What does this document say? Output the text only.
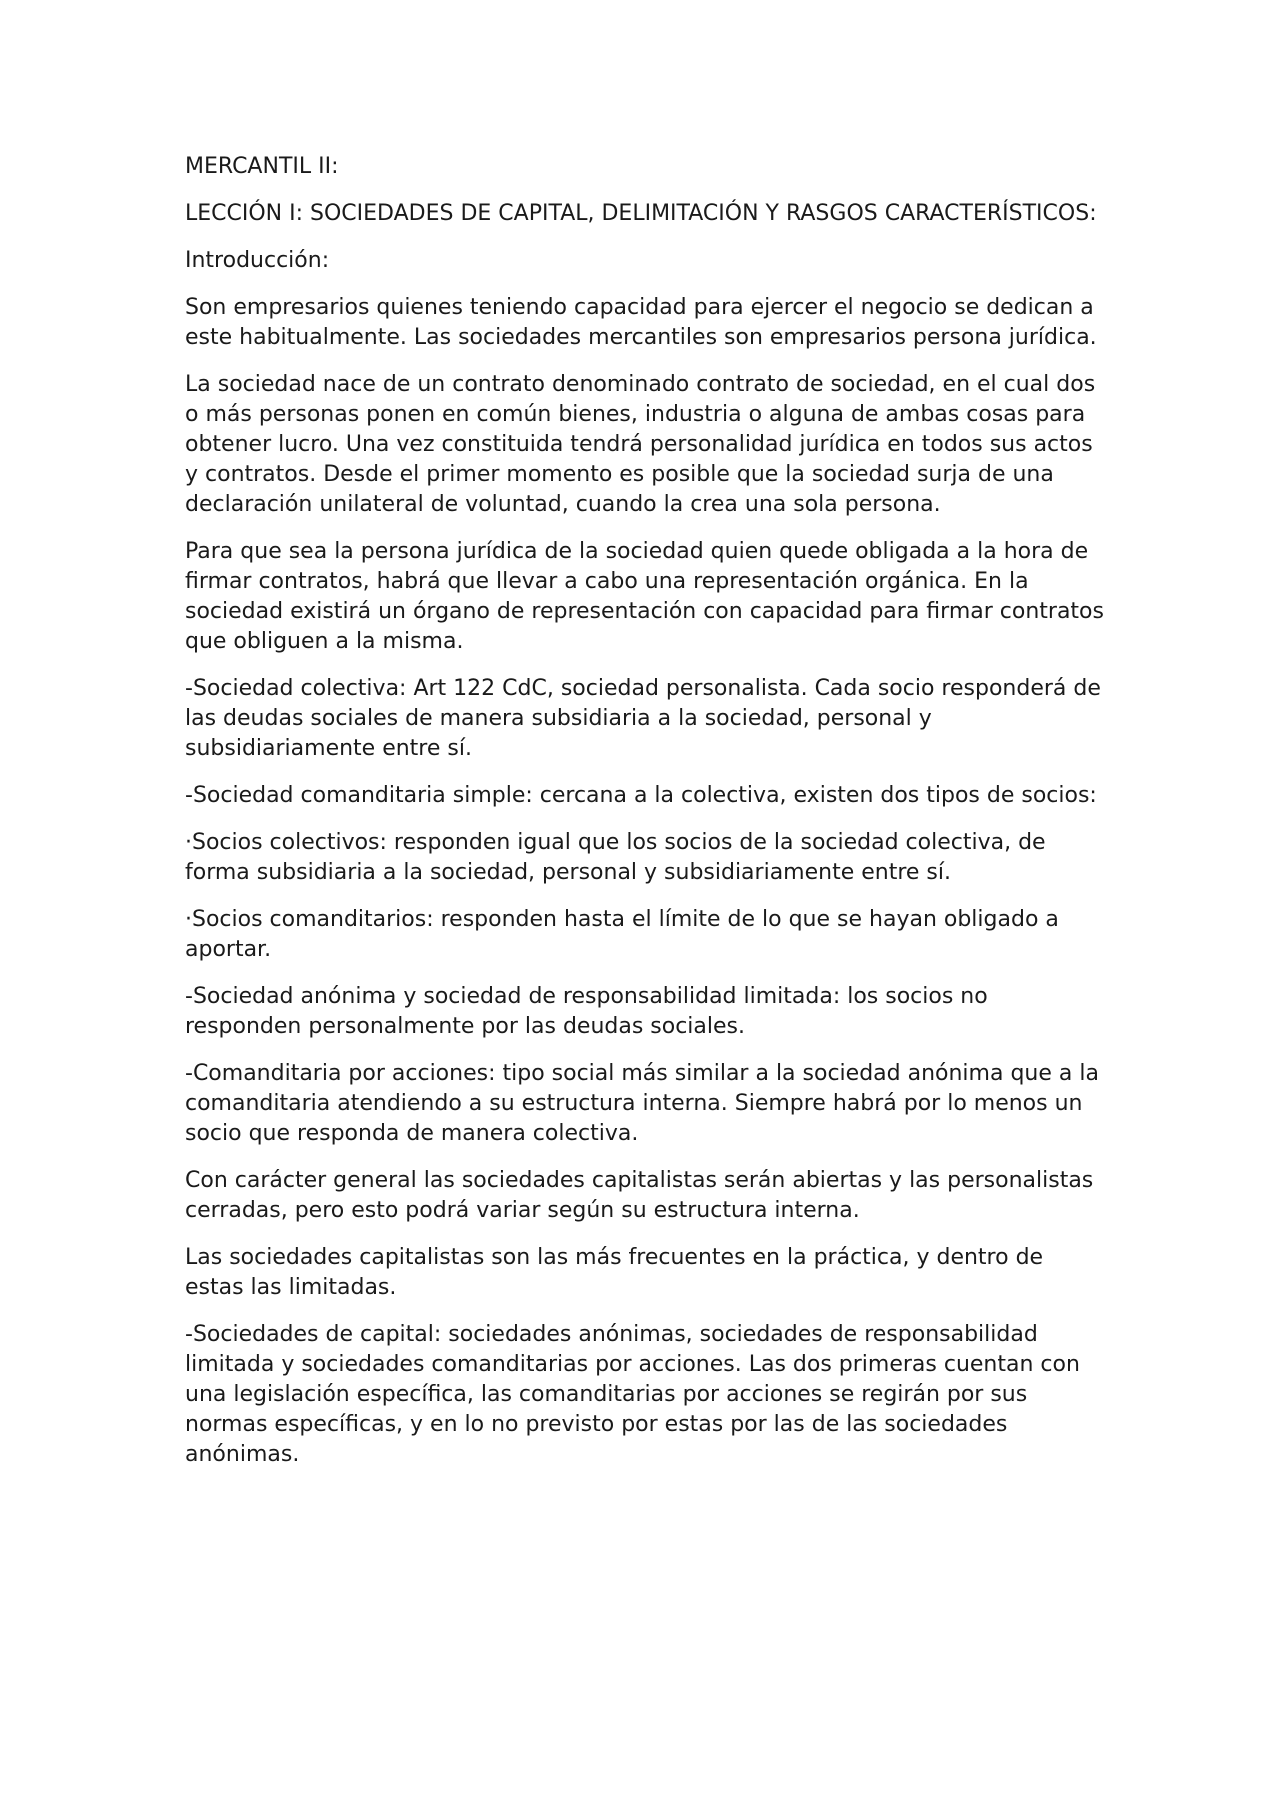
MERCANTIL II:

LECCIÓN I: SOCIEDADES DE CAPITAL, DELIMITACIÓN Y RASGOS CARACTERÍSTICOS:

Introducción:

Son empresarios quienes teniendo capacidad para ejercer el negocio se dedican a este habitualmente. Las sociedades mercantiles son empresarios persona jurídica.

La sociedad nace de un contrato denominado contrato de sociedad, en el cual dos o más personas ponen en común bienes, industria o alguna de ambas cosas para obtener lucro. Una vez constituida tendrá personalidad jurídica en todos sus actos y contratos. Desde el primer momento es posible que la sociedad surja de una declaración unilateral de voluntad, cuando la crea una sola persona.

Para que sea la persona jurídica de la sociedad quien quede obligada a la hora de firmar contratos, habrá que llevar a cabo una representación orgánica. En la sociedad existirá un órgano de representación con capacidad para firmar contratos que obliguen a la misma.

-Sociedad colectiva: Art 122 CdC, sociedad personalista. Cada socio responderá de las deudas sociales de manera subsidiaria a la sociedad, personal y subsidiariamente entre sí.

-Sociedad comanditaria simple: cercana a la colectiva, existen dos tipos de socios:

·Socios colectivos: responden igual que los socios de la sociedad colectiva, de forma subsidiaria a la sociedad, personal y subsidiariamente entre sí.

·Socios comanditarios: responden hasta el límite de lo que se hayan obligado a aportar.

-Sociedad anónima y sociedad de responsabilidad limitada: los socios no responden personalmente por las deudas sociales.

-Comanditaria por acciones: tipo social más similar a la sociedad anónima que a la comanditaria atendiendo a su estructura interna. Siempre habrá por lo menos un socio que responda de manera colectiva.

Con carácter general las sociedades capitalistas serán abiertas y las personalistas cerradas, pero esto podrá variar según su estructura interna.

Las sociedades capitalistas son las más frecuentes en la práctica, y dentro de estas las limitadas.

-Sociedades de capital: sociedades anónimas, sociedades de responsabilidad limitada y sociedades comanditarias por acciones. Las dos primeras cuentan con una legislación específica, las comanditarias por acciones se regirán por sus normas específicas, y en lo no previsto por estas por las de las sociedades anónimas.
